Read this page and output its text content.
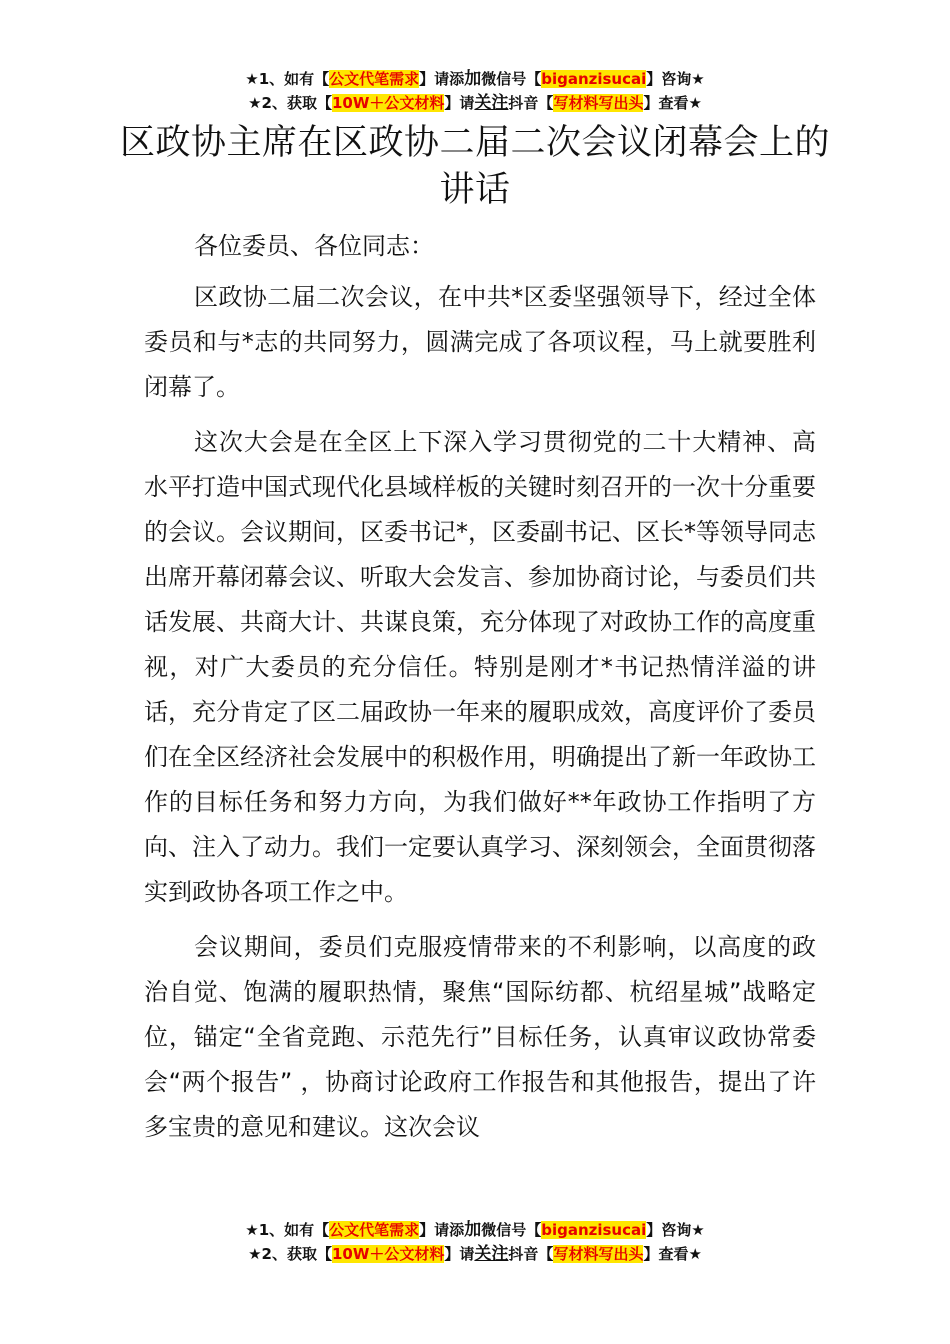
★1、如有【公文代笔需求】请添加微信号【biganzisucai】咨询★
★2、获取【10W＋公文材料】请关注抖音【写材料写出头】查看★
区政协主席在区政协二届二次会议闭幕会上的讲话

各位委员、各位同志：

区政协二届二次会议，在中共*区委坚强领导下，经过全体委员和与*志的共同努力，圆满完成了各项议程，马上就要胜利闭幕了。

这次大会是在全区上下深入学习贯彻党的二十大精神、高水平打造中国式现代化县域样板的关键时刻召开的一次十分重要的会议。会议期间，区委书记*，区委副书记、区长*等领导同志出席开幕闭幕会议、听取大会发言、参加协商讨论，与委员们共话发展、共商大计、共谋良策，充分体现了对政协工作的高度重视，对广大委员的充分信任。特别是刚才*书记热情洋溢的讲话，充分肯定了区二届政协一年来的履职成效，高度评价了委员们在全区经济社会发展中的积极作用，明确提出了新一年政协工作的目标任务和努力方向，为我们做好**年政协工作指明了方向、注入了动力。我们一定要认真学习、深刻领会，全面贯彻落实到政协各项工作之中。

会议期间，委员们克服疫情带来的不利影响，以高度的政治自觉、饱满的履职热情，聚焦“国际纺都、杭绍星城”战略定位，锚定“全省竞跑、示范先行”目标任务，认真审议政协常委会“两个报告” ，协商讨论政府工作报告和其他报告，提出了许多宝贵的意见和建议。这次会议

★1、如有【公文代笔需求】请添加微信号【biganzisucai】咨询★
★2、获取【10W＋公文材料】请关注抖音【写材料写出头】查看★
